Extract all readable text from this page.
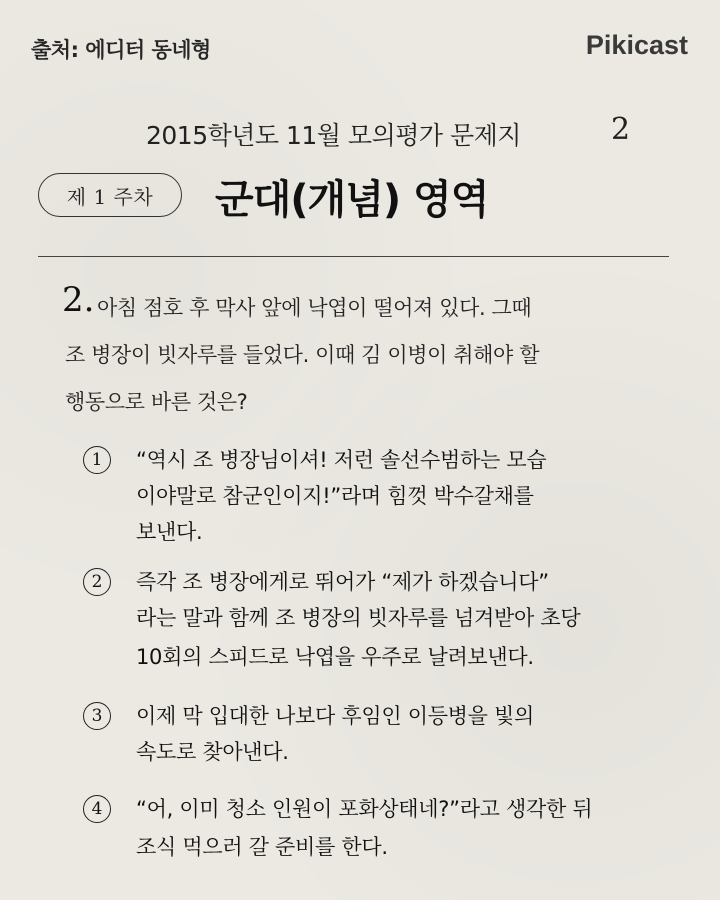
출처: 에디터 동네형	Pikicast
2015학년도 11월 모의평가 문제지	2
제 1 주차 군대(개념) 영역
2. 아침 점호 후 막사 앞에 낙엽이 떨어져 있다. 그때
조 병장이 빗자루를 들었다. 이때 김 이병이 취해야 할
행동으로 바른 것은?
1	“역시 조 병장님이셔! 저런 솔선수범하는 모습
이야말로 참군인이지!”라며 힘껏 박수갈채를
보낸다.
2	즉각 조 병장에게로 뛰어가 “제가 하겠습니다”
라는 말과 함께 조 병장의 빗자루를 넘겨받아 초당
10회의 스피드로 낙엽을 우주로 날려보낸다.
3	이제 막 입대한 나보다 후임인 이등병을 빛의
속도로 찾아낸다.
4	“어, 이미 청소 인원이 포화상태네?”라고 생각한 뒤
조식 먹으러 갈 준비를 한다.
